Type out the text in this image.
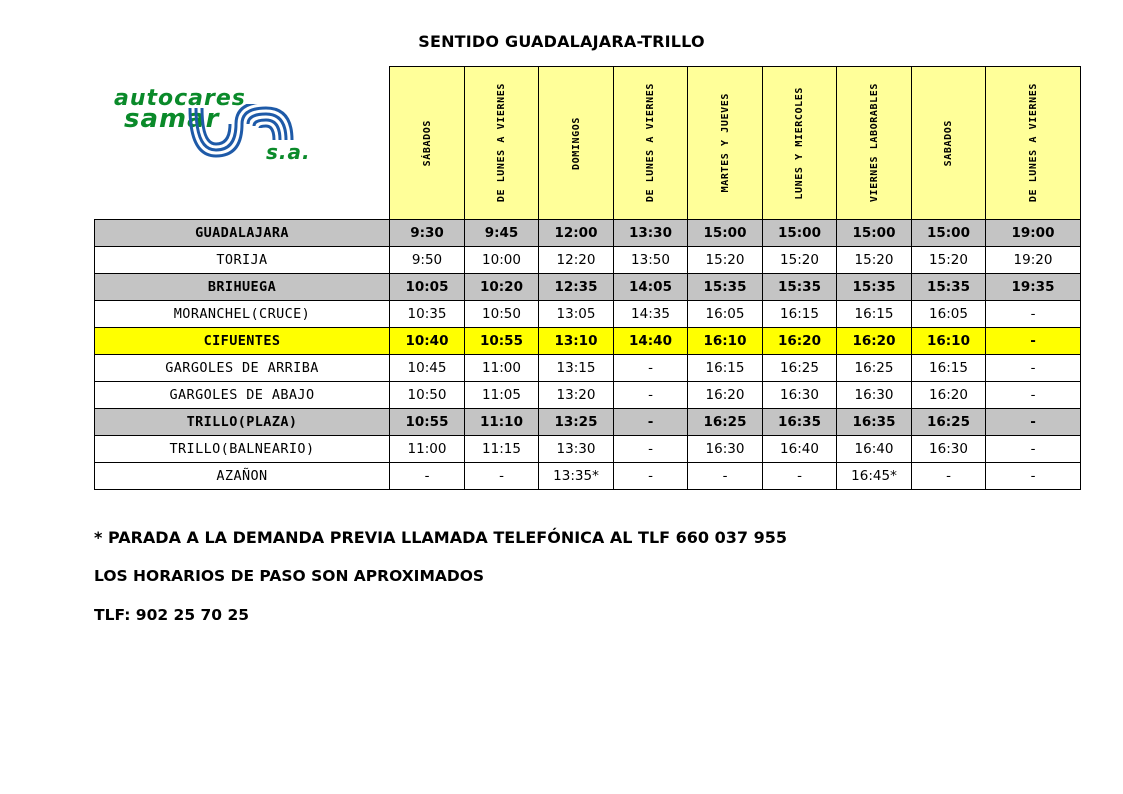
SENTIDO GUADALAJARA-TRILLO
autocares
samar
s.a.

	SÁBADOS	DE LUNES A VIERNES	DOMINGOS	DE LUNES A VIERNES	MARTES Y JUEVES	LUNES Y MIERCOLES	VIERNES LABORABLES	SABADOS	DE LUNES A VIERNES

GUADALAJARA	9:30	9:45	12:00	13:30	15:00	15:00	15:00	15:00	19:00
TORIJA	9:50	10:00	12:20	13:50	15:20	15:20	15:20	15:20	19:20
BRIHUEGA	10:05	10:20	12:35	14:05	15:35	15:35	15:35	15:35	19:35
MORANCHEL(CRUCE)	10:35	10:50	13:05	14:35	16:05	16:15	16:15	16:05	-
CIFUENTES	10:40	10:55	13:10	14:40	16:10	16:20	16:20	16:10	-
GARGOLES DE ARRIBA	10:45	11:00	13:15	-	16:15	16:25	16:25	16:15	-
GARGOLES DE ABAJO	10:50	11:05	13:20	-	16:20	16:30	16:30	16:20	-
TRILLO(PLAZA)	10:55	11:10	13:25	-	16:25	16:35	16:35	16:25	-
TRILLO(BALNEARIO)	11:00	11:15	13:30	-	16:30	16:40	16:40	16:30	-
AZAÑON	-	-	13:35*	-	-	-	16:45*	-	-
* PARADA A LA DEMANDA PREVIA LLAMADA TELEFÓNICA AL TLF 660 037 955
LOS HORARIOS DE PASO SON APROXIMADOS
TLF: 902 25 70 25
